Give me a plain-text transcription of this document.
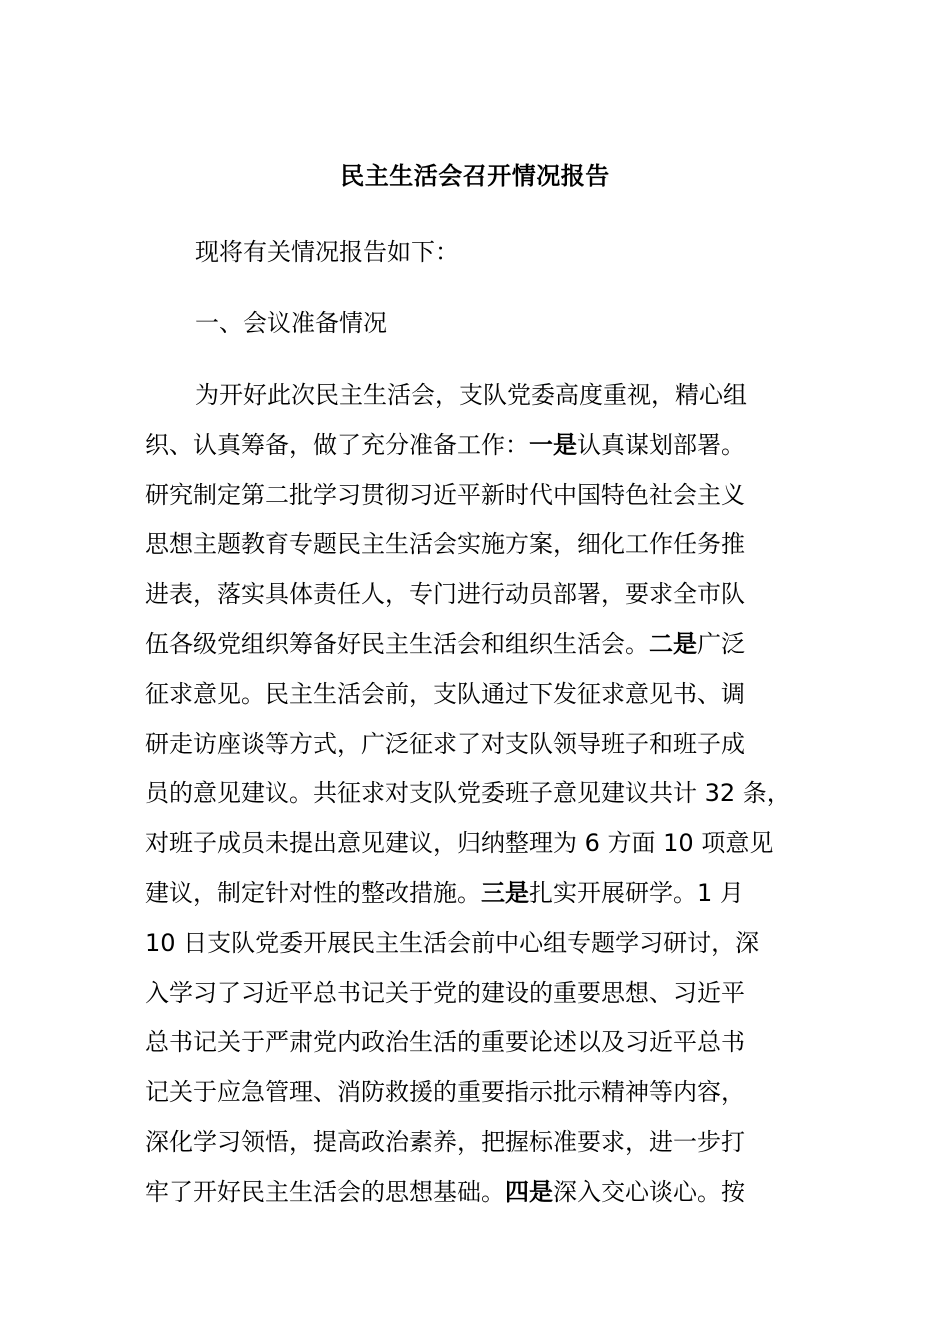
民主生活会召开情况报告
现将有关情况报告如下：
一、会议准备情况
为开好此次民主生活会，支队党委高度重视，精心组
织、认真筹备，做了充分准备工作：一是认真谋划部署。
研究制定第二批学习贯彻习近平新时代中国特色社会主义
思想主题教育专题民主生活会实施方案，细化工作任务推
进表，落实具体责任人，专门进行动员部署，要求全市队
伍各级党组织筹备好民主生活会和组织生活会。二是广泛
征求意见。民主生活会前，支队通过下发征求意见书、调
研走访座谈等方式，广泛征求了对支队领导班子和班子成
员的意见建议。共征求对支队党委班子意见建议共计 32 条，
对班子成员未提出意见建议，归纳整理为 6 方面 10 项意见
建议，制定针对性的整改措施。三是扎实开展研学。1 月
10 日支队党委开展民主生活会前中心组专题学习研讨，深
入学习了习近平总书记关于党的建设的重要思想、习近平
总书记关于严肃党内政治生活的重要论述以及习近平总书
记关于应急管理、消防救援的重要指示批示精神等内容，
深化学习领悟，提高政治素养，把握标准要求，进一步打
牢了开好民主生活会的思想基础。四是深入交心谈心。按
